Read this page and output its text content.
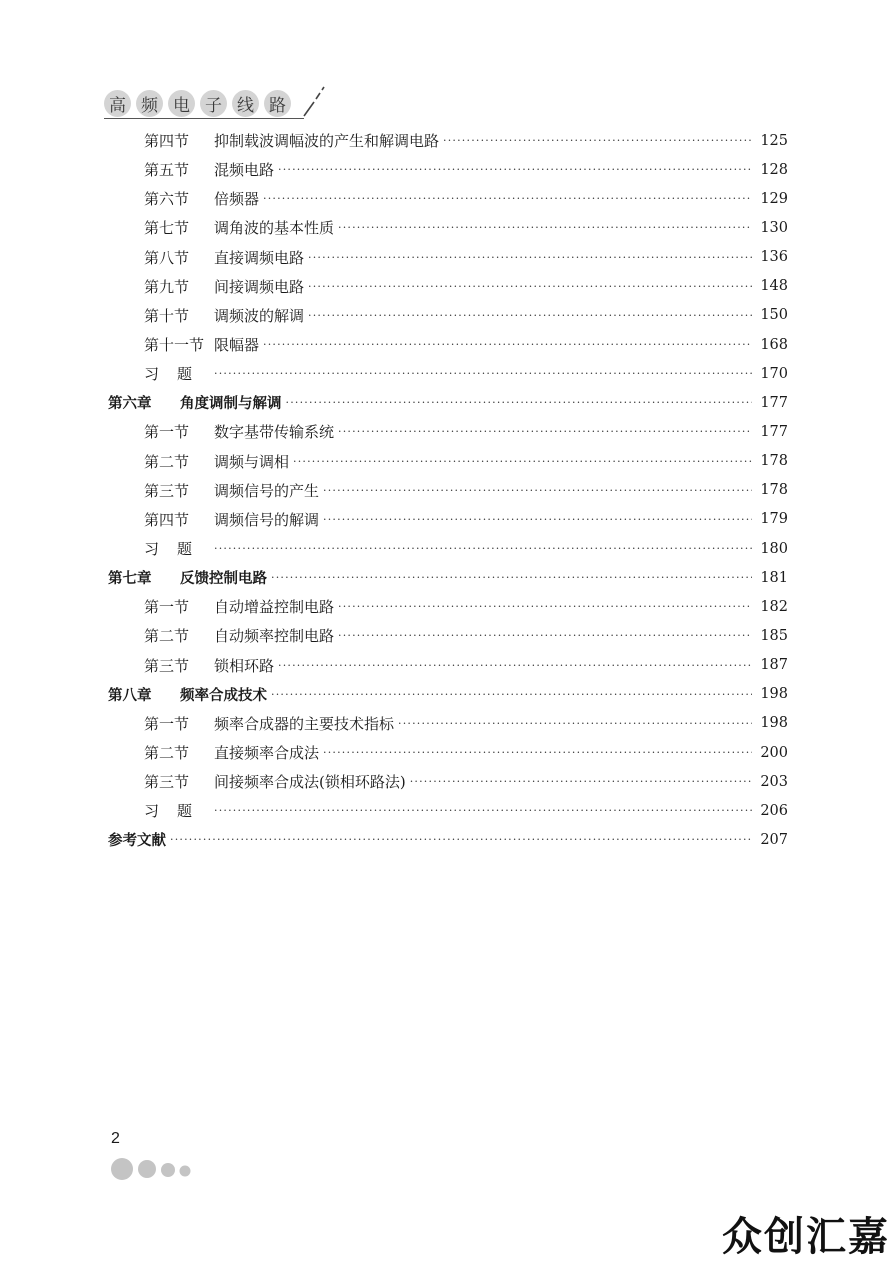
高 频 电 子 线 路
第四节	抑制载波调幅波的产生和解调电路 ·····	125
第五节	混频电路 ·····	128
第六节	倍频器 ·····	129
第七节	调角波的基本性质 ·····	130
第八节	直接调频电路 ·····	136
第九节	间接调频电路 ·····	148
第十节	调频波的解调 ·····	150
第十一节 限幅器 ·····	168
习题 ·····	170
第六章	角度调制与解调 ·····	177
第一节	数字基带传输系统 ·····	177
第二节	调频与调相 ·····	178
第三节	调频信号的产生 ·····	178
第四节	调频信号的解调 ·····	179
习题 ·····	180
第七章	反馈控制电路 ·····	181
第一节	自动增益控制电路 ·····	182
第二节	自动频率控制电路 ·····	185
第三节	锁相环路 ·····	187
第八章	频率合成技术 ·····	198
第一节	频率合成器的主要技术指标 ·····	198
第二节	直接频率合成法 ·····	200
第三节	间接频率合成法(锁相环路法) ·····	203
习题 ·····	206
参考文献 ·····	207
2
众创汇嘉
